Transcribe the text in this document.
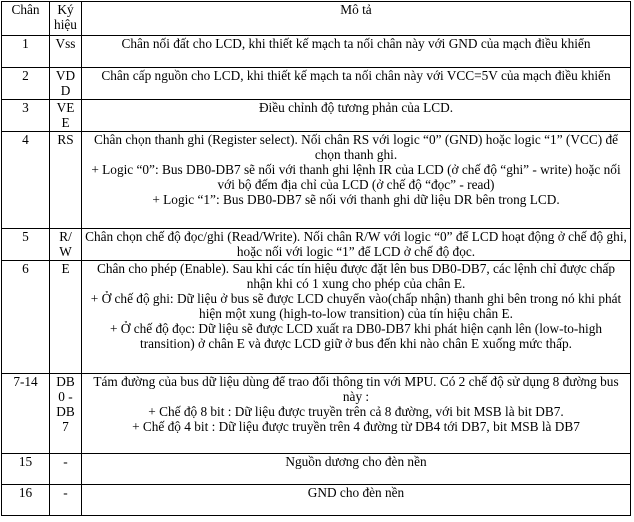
Chân	Ký hiệu	Mô tả
1	Vss	Chân nối đất cho LCD, khi thiết kế mạch ta nối chân này với GND của mạch điều khiển

2	VDD	Chân cấp nguồn cho LCD, khi thiết kế mạch ta nối chân này với VCC=5V của mạch điều khiển

3	VEE	Điều chỉnh độ tương phản của LCD.

4	RS	Chân chọn thanh ghi (Register select). Nối chân RS với logic “0” (GND) hoặc logic “1” (VCC) để chọn thanh ghi.
+ Logic “0”: Bus DB0-DB7 sẽ nối với thanh ghi lệnh IR của LCD (ở chế độ “ghi” - write) hoặc nối với bộ đếm địa chỉ của LCD (ở chế độ “đọc” - read)
+ Logic “1”: Bus DB0-DB7 sẽ nối với thanh ghi dữ liệu DR bên trong LCD.

5	R/W	Chân chọn chế độ đọc/ghi (Read/Write). Nối chân R/W với logic “0” để LCD hoạt động ở chế độ ghi, hoặc nối với logic “1” để LCD ở chế độ đọc.

6	E	Chân cho phép (Enable). Sau khi các tín hiệu được đặt lên bus DB0-DB7, các lệnh chỉ được chấp nhận khi có 1 xung cho phép của chân E.
+ Ở chế độ ghi: Dữ liệu ở bus sẽ được LCD chuyển vào(chấp nhận) thanh ghi bên trong nó khi phát hiện một xung (high-to-low transition) của tín hiệu chân E.
+ Ở chế độ đọc: Dữ liệu sẽ được LCD xuất ra DB0-DB7 khi phát hiện cạnh lên (low-to-high transition) ở chân E và được LCD giữ ở bus đến khi nào chân E xuống mức thấp.

7-14	DB0 - DB7	Tám đường của bus dữ liệu dùng để trao đổi thông tin với MPU. Có 2 chế độ sử dụng 8 đường bus này :
+ Chế độ 8 bit : Dữ liệu được truyền trên cả 8 đường, với bit MSB là bit DB7.
+ Chế độ 4 bit : Dữ liệu được truyền trên 4 đường từ DB4 tới DB7, bit MSB là DB7

15	-	Nguồn dương cho đèn nền

16	-	GND cho đèn nền
